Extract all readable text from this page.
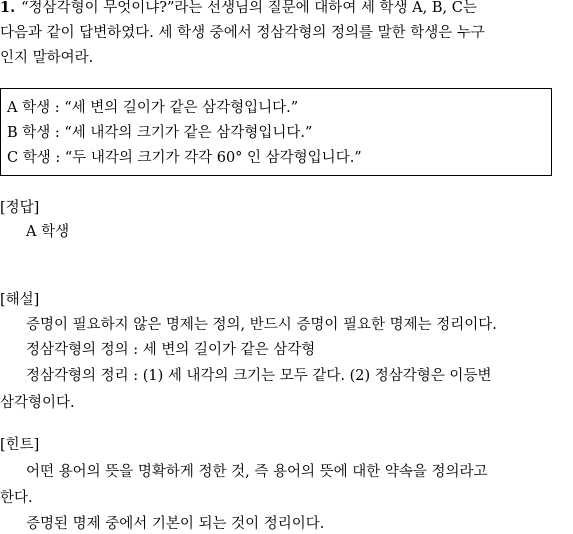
1. “정삼각형이 무엇이냐?”라는 선생님의 질문에 대하여 세 학생 A, B, C는
다음과 같이 답변하였다. 세 학생 중에서 정삼각형의 정의를 말한 학생은 누구
인지 말하여라.
A 학생 : “세 변의 길이가 같은 삼각형입니다.”
B 학생 : “세 내각의 크기가 같은 삼각형입니다.”
C 학생 : “두 내각의 크기가 각각 60° 인 삼각형입니다.”
[정답]
A 학생
[해설]
증명이 필요하지 않은 명제는 정의, 반드시 증명이 필요한 명제는 정리이다.
정삼각형의 정의 : 세 변의 길이가 같은 삼각형
정삼각형의 정리 : (1) 세 내각의 크기는 모두 같다. (2) 정삼각형은 이등변
삼각형이다.
[힌트]
어떤 용어의 뜻을 명확하게 정한 것, 즉 용어의 뜻에 대한 약속을 정의라고
한다.
증명된 명제 중에서 기본이 되는 것이 정리이다.
